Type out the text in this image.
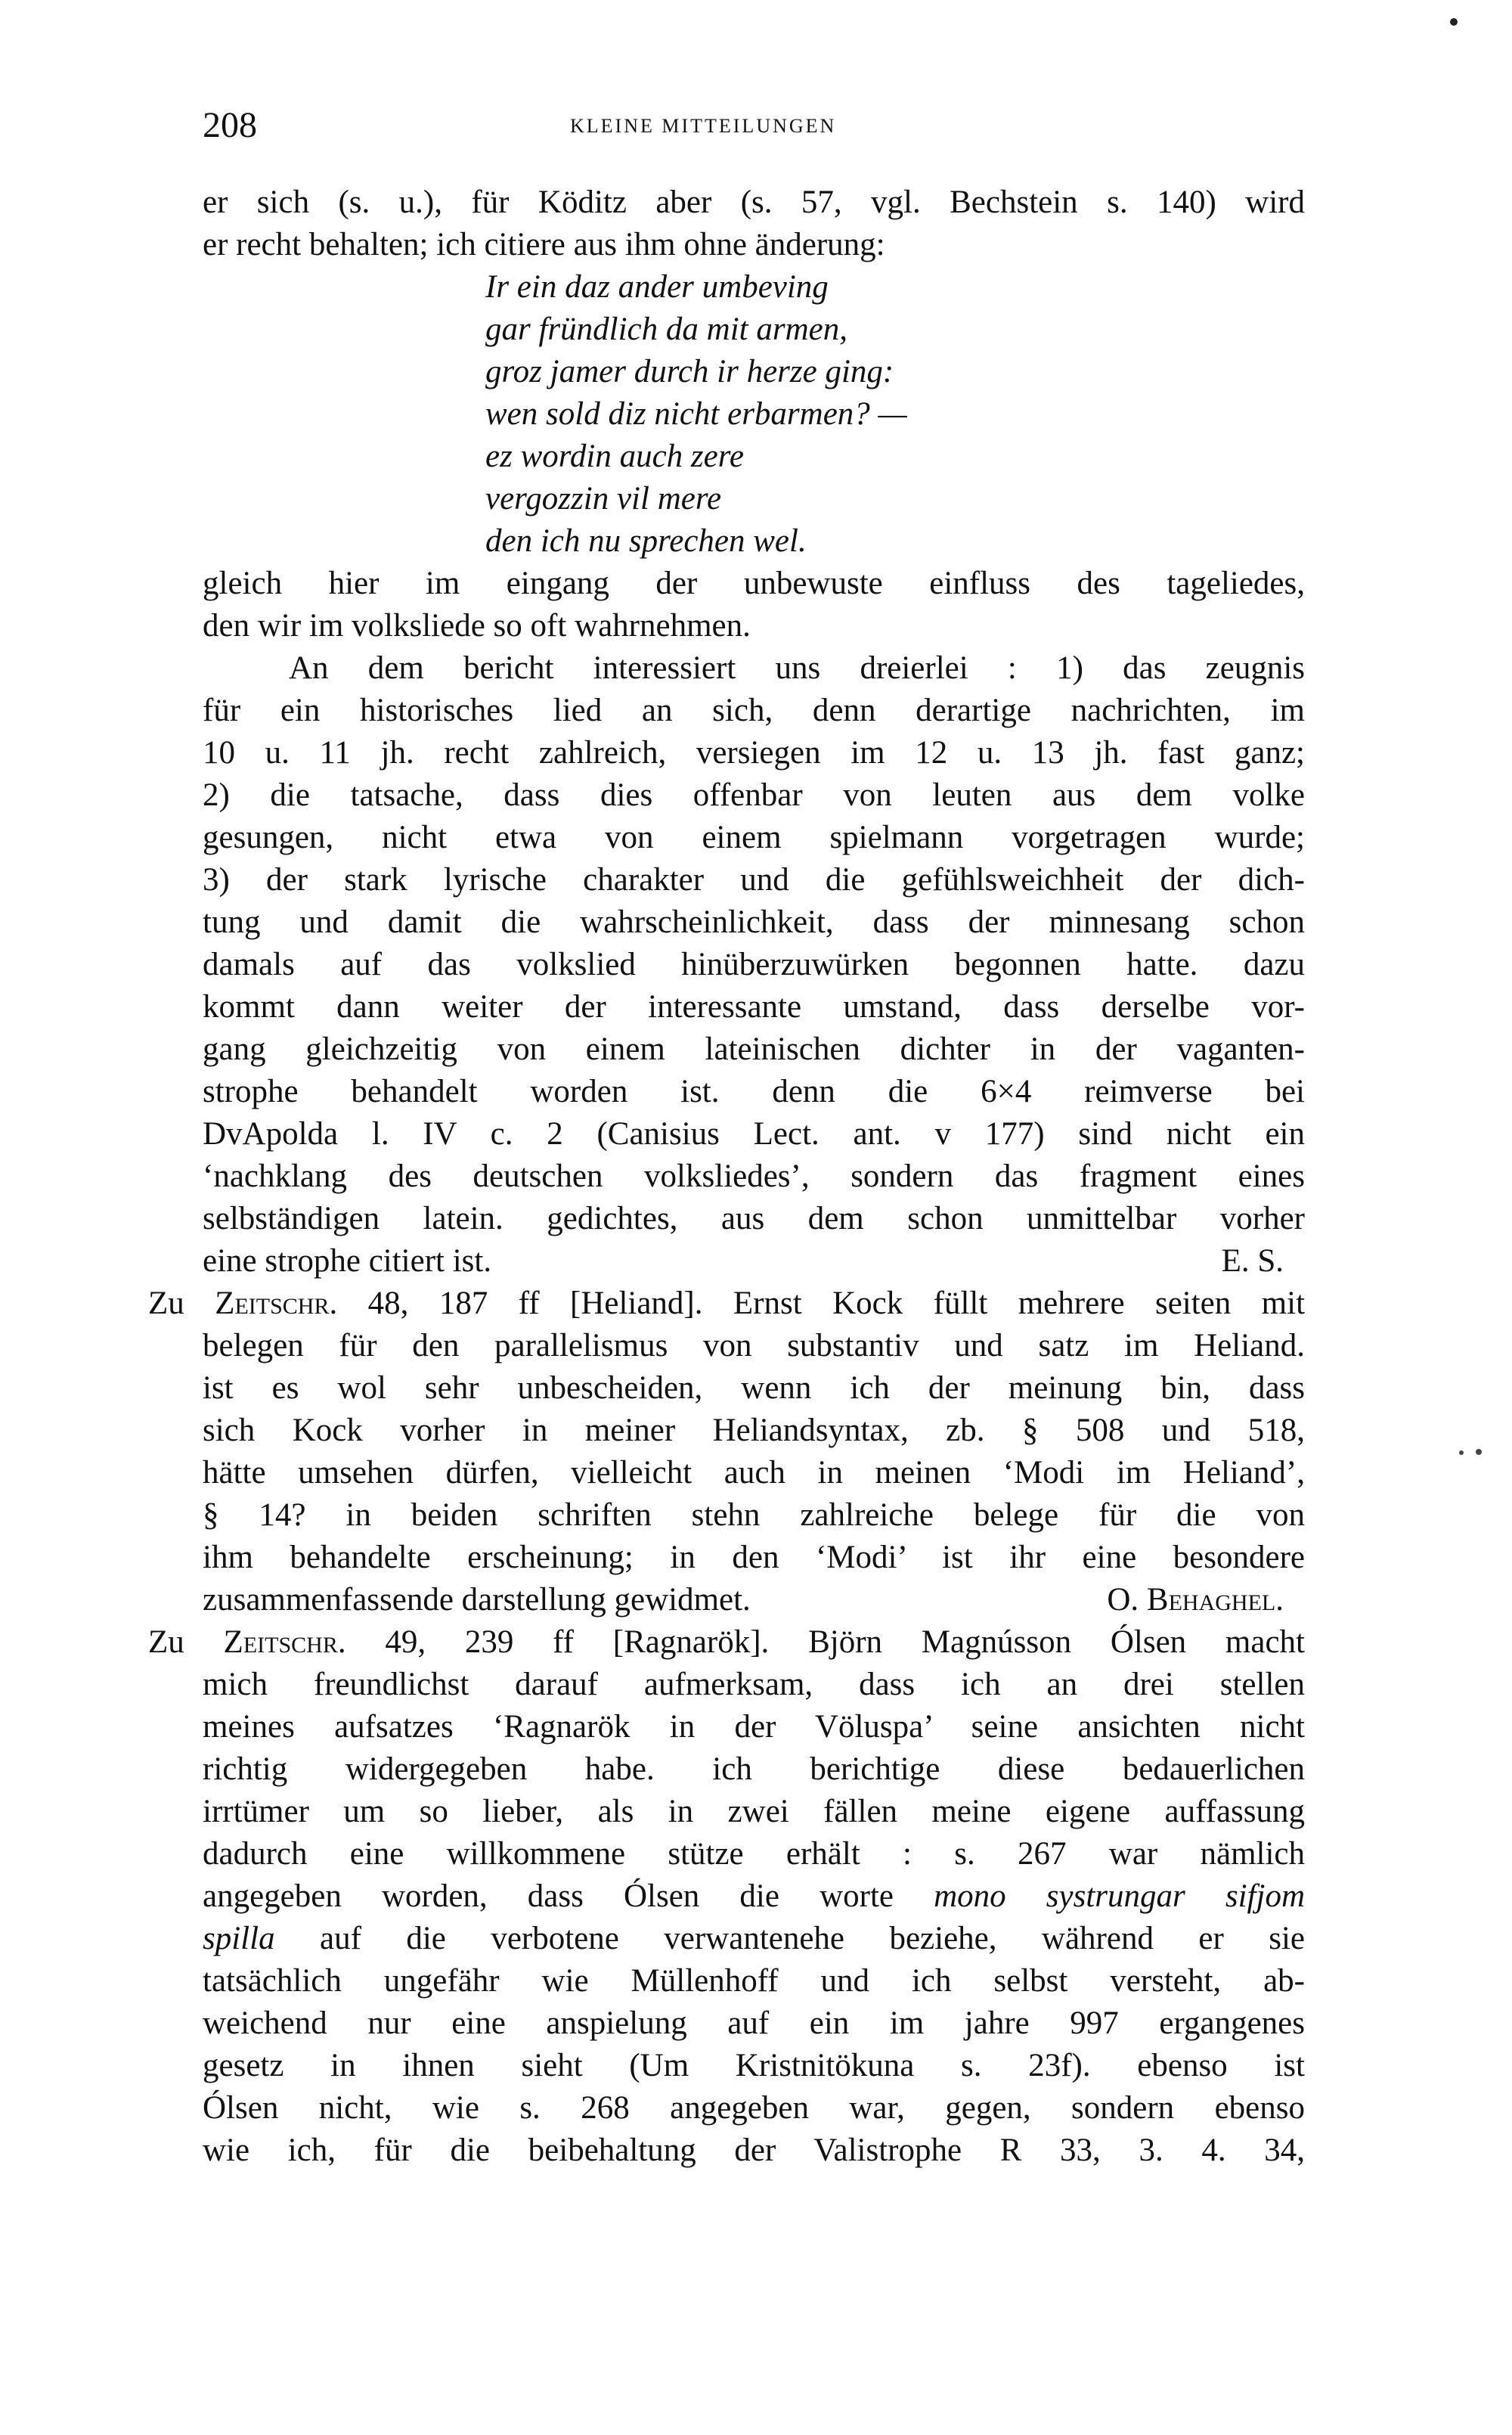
208	KLEINE MITTEILUNGEN
er sich (s. u.), für Köditz aber (s. 57, vgl. Bechstein s. 140) wird
er recht behalten; ich citiere aus ihm ohne änderung:
Ir ein daz ander umbeving
gar fründlich da mit armen,
groz jamer durch ir herze ging:
wen sold diz nicht erbarmen? —
ez wordin auch zere
vergozzin vil mere
den ich nu sprechen wel.
gleich hier im eingang der unbewuste einfluss des tageliedes,
den wir im volksliede so oft wahrnehmen.
An dem bericht interessiert uns dreierlei : 1) das zeugnis
für ein historisches lied an sich, denn derartige nachrichten, im
10 u. 11 jh. recht zahlreich, versiegen im 12 u. 13 jh. fast ganz;
2) die tatsache, dass dies offenbar von leuten aus dem volke
gesungen, nicht etwa von einem spielmann vorgetragen wurde;
3) der stark lyrische charakter und die gefühlsweichheit der dich-
tung und damit die wahrscheinlichkeit, dass der minnesang schon
damals auf das volkslied hinüberzuwürken begonnen hatte. dazu
kommt dann weiter der interessante umstand, dass derselbe vor-
gang gleichzeitig von einem lateinischen dichter in der vaganten-
strophe behandelt worden ist. denn die 6×4 reimverse bei
DvApolda l. IV c. 2 (Canisius Lect. ant. v 177) sind nicht ein
‘nachklang des deutschen volksliedes’, sondern das fragment eines
selbständigen latein. gedichtes, aus dem schon unmittelbar vorher
eine strophe citiert ist.	E. S.
Zu Zeitschr. 48, 187 ff [Heliand]. Ernst Kock füllt mehrere seiten mit
belegen für den parallelismus von substantiv und satz im Heliand.
ist es wol sehr unbescheiden, wenn ich der meinung bin, dass
sich Kock vorher in meiner Heliandsyntax, zb. § 508 und 518,
hätte umsehen dürfen, vielleicht auch in meinen ‘Modi im Heliand’,
§ 14? in beiden schriften stehn zahlreiche belege für die von
ihm behandelte erscheinung; in den ‘Modi’ ist ihr eine besondere
zusammenfassende darstellung gewidmet.	O. Behaghel.
Zu Zeitschr. 49, 239 ff [Ragnarök]. Björn Magnússon Ólsen macht
mich freundlichst darauf aufmerksam, dass ich an drei stellen
meines aufsatzes ‘Ragnarök in der Völuspa’ seine ansichten nicht
richtig widergegeben habe. ich berichtige diese bedauerlichen
irrtümer um so lieber, als in zwei fällen meine eigene auffassung
dadurch eine willkommene stütze erhält : s. 267 war nämlich
angegeben worden, dass Ólsen die worte mono systrungar sifjom
spilla auf die verbotene verwantenehe beziehe, während er sie
tatsächlich ungefähr wie Müllenhoff und ich selbst versteht, ab-
weichend nur eine anspielung auf ein im jahre 997 ergangenes
gesetz in ihnen sieht (Um Kristnitökuna s. 23f). ebenso ist
Ólsen nicht, wie s. 268 angegeben war, gegen, sondern ebenso
wie ich, für die beibehaltung der Valistrophe R 33, 3. 4. 34,
